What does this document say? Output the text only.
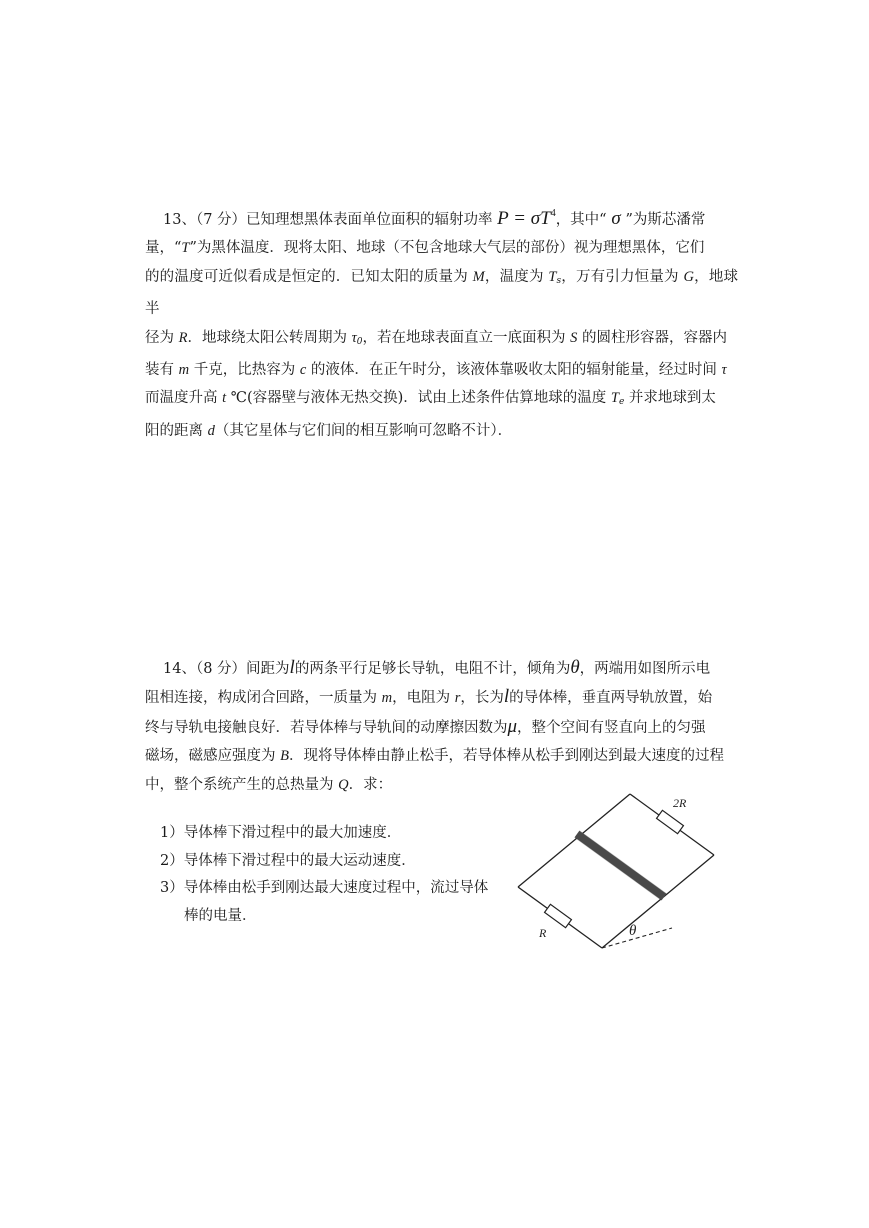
13、（7 分）已知理想黑体表面单位面积的辐射功率 $P = \sigma T^4$，其中“ σ ”为斯芯潘常
量，“T”为黑体温度．现将太阳、地球（不包含地球大气层的部份）视为理想黑体，它们
的的温度可近似看成是恒定的．已知太阳的质量为 M，温度为 $T_s$，万有引力恒量为 G，地球半
径为 R．地球绕太阳公转周期为 $\tau_0$，若在地球表面直立一底面积为 S 的圆柱形容器，容器内
装有 m 千克，比热容为 c 的液体．在正午时分，该液体靠吸收太阳的辐射能量，经过时间 τ
而温度升高 t ℃(容器壁与液体无热交换)．试由上述条件估算地球的温度 $T_e$ 并求地球到太
阳的距离 d（其它星体与它们间的相互影响可忽略不计）．
14、（8 分）间距为l的两条平行足够长导轨，电阻不计，倾角为θ，两端用如图所示电
阻相连接，构成闭合回路，一质量为 m，电阻为 r，长为l的导体棒，垂直两导轨放置，始
终与导轨电接触良好．若导体棒与导轨间的动摩擦因数为μ，整个空间有竖直向上的匀强
磁场，磁感应强度为 B．现将导体棒由静止松手，若导体棒从松手到刚达到最大速度的过程
中，整个系统产生的总热量为 Q．求：
1）导体棒下滑过程中的最大加速度．
2）导体棒下滑过程中的最大运动速度．
3）导体棒由松手到刚达最大速度过程中，流过导体
棒的电量．
2R
R	θ
